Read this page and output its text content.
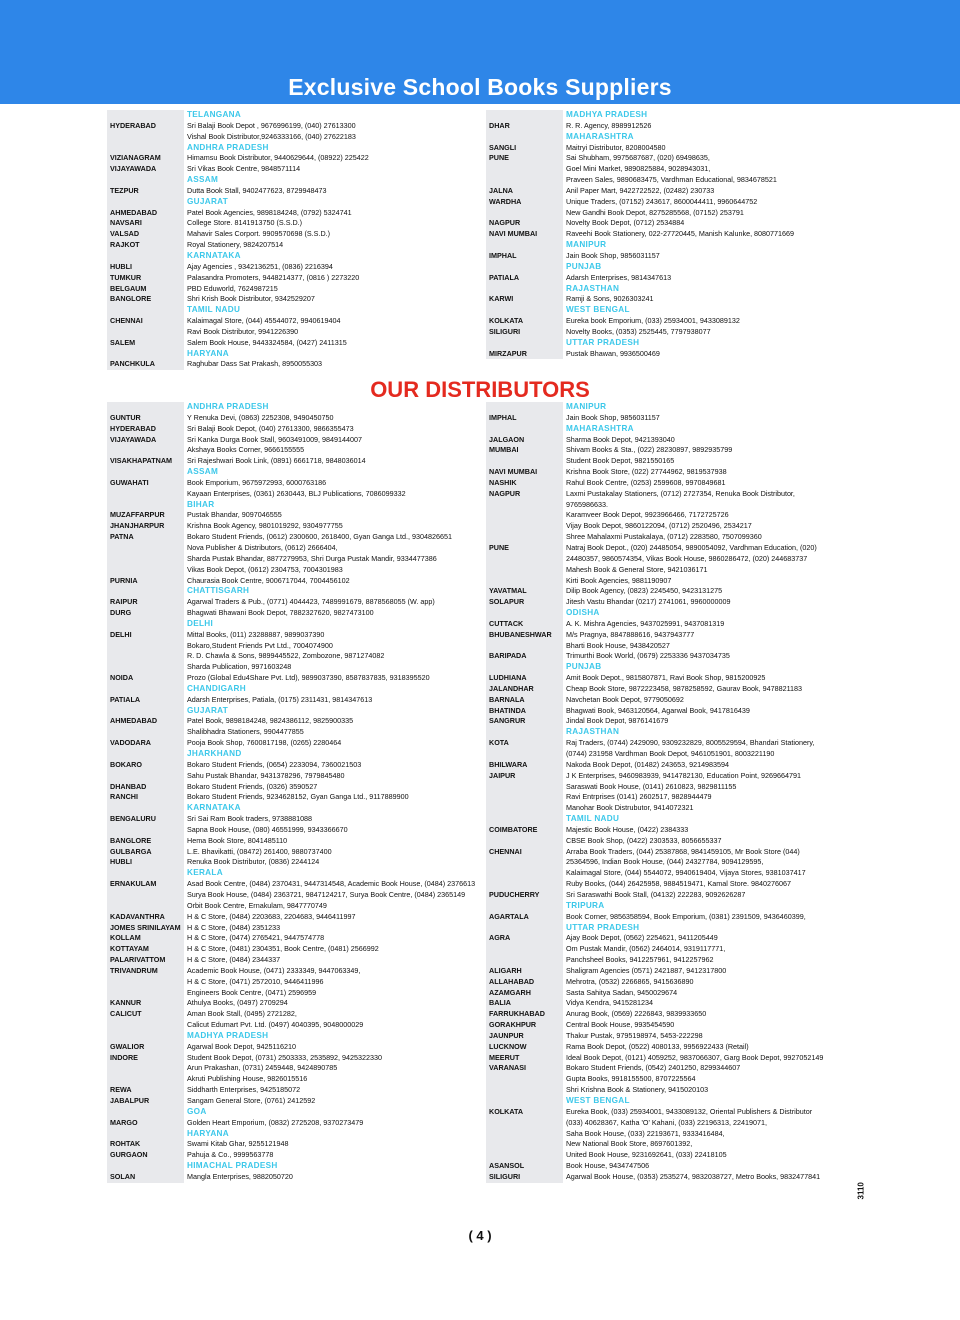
Exclusive School Books Suppliers
TELANGANA
HYDERABAD	Sri Balaji Book Depot , 9676996199, (040) 27613300
Vishal Book Distributor,9246333166, (040) 27622183
ANDHRA PRADESH
VIZIANAGRAM	Himamsu Book Distributor, 9440629644, (08922) 225422
VIJAYAWADA	Sri Vikas Book Centre, 9848571114
ASSAM
TEZPUR	Dutta Book Stall, 9402477623, 8729948473
GUJARAT
AHMEDABAD	Patel Book Agencies, 9898184248, (0792) 5324741
NAVSARI	College Store. 8141913750 (S.S.D.)
VALSAD	Mahavir Sales Corport. 9909570698 (S.S.D.)
RAJKOT	Royal Stationery, 9824207514
KARNATAKA
HUBLI	Ajay Agencies , 9342136251, (0836) 2216394
TUMKUR	Palasandra Promoters, 9448214377, (0816 ) 2273220
BELGAUM	PBD Eduworld, 7624987215
BANGLORE	Shri Krish Book Distributor, 9342529207
TAMIL NADU
CHENNAI	Kalaimagal Store, (044) 45544072, 9940619404
Ravi Book Distributor, 9941226390
SALEM	Salem Book House, 9443324584, (0427) 2411315
HARYANA
PANCHKULA	Raghubar Dass Sat Prakash, 8950055303
MADHYA PRADESH
DHAR	R. R. Agency, 8989912526
MAHARASHTRA
SANGLI	Maitryi Distributor, 8208004580
PUNE	Sai Shubham, 9975687687, (020) 69498635,
Goel Mini Market, 9890825884, 9028943031,
Praveen Sales, 9890683475, Vardhman Educational, 9834678521
JALNA	Anil Paper Mart, 9422722522, (02482) 230733
WARDHA	Unique Traders, (07152) 243617, 8600044411, 9960644752
New Gandhi Book Depot, 8275285568, (07152) 253791
NAGPUR	Novelty Book Depot, (0712) 2534884
NAVI MUMBAI	Raveehi Book Stationery, 022-27720445, Manish Kalunke, 8080771669
MANIPUR
IMPHAL	Jain Book Shop, 9856031157
PUNJAB
PATIALA	Adarsh Enterprises, 9814347613
RAJASTHAN
KARWI	Ramji & Sons, 9026303241
WEST BENGAL
KOLKATA	Eureka book Emporium, (033) 25934001, 9433089132
SILIGURI	Novelty Books, (0353) 2525445, 7797938077
UTTAR PRADESH
MIRZAPUR	Pustak Bhawan, 9936500469
OUR DISTRIBUTORS
ANDHRA PRADESH
GUNTUR	Y Renuka Devi, (0863) 2252308, 9490450750
HYDERABAD	Sri Balaji Book Depot, (040) 27613300, 9866355473
VIJAYAWADA	Sri Kanka Durga Book Stall, 9603491009, 9849144007
Akshaya Books Corner, 9666155555
VISAKHAPATNAM	Sri Rajeshwari Book Link, (0891) 6661718, 9848036014
ASSAM
GUWAHATI	Book Emporium, 9675972993, 6000763186
Kayaan Enterprises, (0361) 2630443, BLJ Publications, 7086099332
BIHAR
MUZAFFARPUR	Pustak Bhandar, 9097046555
JHANJHARPUR	Krishna Book Agency, 9801019292, 9304977755
PATNA	Bokaro Student Friends, (0612) 2300600, 2618400, Gyan Ganga Ltd., 9304826651
Nova Publisher & Distributors, (0612) 2666404,
Sharda Pustak Bhandar, 8877279953, Shri Durga Pustak Mandir, 9334477386
Vikas Book Depot, (0612) 2304753, 7004301983
PURNIA	Chaurasia Book Centre, 9006717044, 7004456102
CHATTISGARH
RAIPUR	Agarwal Traders & Pub., (0771) 4044423, 7489991679, 8878568055 (W. app)
DURG	Bhagwati Bhawani Book Depot, 7882327620, 9827473100
DELHI
DELHI	Mittal Books, (011) 23288887, 9899037390
Bokaro,Student Friends Pvt Ltd., 7004074900
R. D. Chawla & Sons, 9899445522, Zombozone, 9871274082
Sharda Publication, 9971603248
NOIDA	Prozo (Global Edu4Share Pvt. Ltd), 9899037390, 8587837835, 9318395520
CHANDIGARH
PATIALA	Adarsh Enterprises, Patiala, (0175) 2311431, 9814347613
GUJARAT
AHMEDABAD	Patel Book, 9898184248, 9824386112, 9825900335
Shalibhadra Stationers, 9904477855
VADODARA	Pooja Book Shop, 7600817198, (0265) 2280464
JHARKHAND
BOKARO	Bokaro Student Friends, (0654) 2233094, 7360021503
Sahu Pustak Bhandar, 9431378296, 7979845480
DHANBAD	Bokaro Student Friends, (0326) 3590527
RANCHI	Bokaro Student Friends, 9234628152, Gyan Ganga Ltd., 9117889900
KARNATAKA
BENGALURU	Sri Sai Ram Book traders, 9738881088
Sapna Book House, (080) 46551999, 9343366670
BANGLORE	Hema Book Store, 8041485110
GULBARGA	L.E. Bhavikatti, (08472) 261400, 9880737400
HUBLI	Renuka Book Distributor, (0836) 2244124
KERALA
ERNAKULAM	Asad Book Centre, (0484) 2370431, 9447314548, Academic Book House, (0484) 2376613
Surya Book House, (0484) 2363721, 9847124217, Surya Book Centre, (0484) 2365149
Orbit Book Centre, Ernakulam, 9847770749
KADAVANTHRA	H & C Store, (0484) 2203683, 2204683, 9446411997
JOMES SRINILAYAM H & C Store, (0484) 2351233
KOLLAM	H & C Store, (0474) 2765421, 9447574778
KOTTAYAM	H & C Store, (0481) 2304351, Book Centre, (0481) 2566992
PALARIVATTOM	H & C Store, (0484) 2344337
TRIVANDRUM	Academic Book House, (0471) 2333349, 9447063349,
H & C Store, (0471) 2572010, 9446411996
Engineers Book Centre, (0471) 2596959
KANNUR	Athulya Books, (0497) 2709294
CALICUT	Aman Book Stall, (0495) 2721282,
Calicut Edumart Pvt. Ltd. (0497) 4040395, 9048000029
MADHYA PRADESH
GWALIOR	Agarwal Book Depot, 9425116210
INDORE	Student Book Depot, (0731) 2503333, 2535892, 9425322330
Arun Prakashan, (0731) 2459448, 9424890785
Akruti Publishing House, 9826015516
REWA	Siddharth Enterprises, 9425185072
JABALPUR	Sangam General Store, (0761) 2412592
GOA
MARGO	Golden Heart Emporium, (0832) 2725208, 9370273479
HARYANA
ROHTAK	Swami Kitab Ghar, 9255121948
GURGAON	Pahuja & Co., 9999563778
HIMACHAL PRADESH
SOLAN	Mangla Enterprises, 9882050720
MANIPUR
IMPHAL	Jain Book Shop, 9856031157
MAHARASHTRA
JALGAON	Sharma Book Depot, 9421393040
MUMBAI	Shivam Books & Sta., (022) 28230897, 9892935799
Student Book Depot, 9821550165
NAVI MUMBAI	Krishna Book Store, (022) 27744962, 9819537938
NASHIK	Rahul Book Centre, (0253) 2599608, 9970849681
NAGPUR	Laxmi Pustakalay Stationers, (0712) 2727354, Renuka Book Distributor,
9765986633.
Karamveer Book Depot, 9923966466, 7172725726
Vijay Book Depot, 9860122094, (0712) 2520496, 2534217
Shree Mahalaxmi Pustakalaya, (0712) 2283580, 7507099360
PUNE	Natraj Book Depot., (020) 24485054, 9890054092, Vardhman Education, (020)
24480357, 9860574354, Vikas Book House, 9860286472, (020) 244683737
Mahesh Book & General Store, 9421036171
Kirti Book Agencies, 9881190907
YAVATMAL	Dilip Book Agency, (0823) 2245450, 9423131275
SOLAPUR	Jitesh Vastu Bhandar (0217) 2741061, 9960000009
ODISHA
CUTTACK	A. K. Mishra Agencies, 9437025991, 9437081319
BHUBANESHWAR	M/s Pragnya, 8847888616, 9437943777
Bharti Book House, 9438420527
BARIPADA	Trimurthi Book World, (0679) 2253336 9437034735
PUNJAB
LUDHIANA	Amit Book Depot., 9815807871, Ravi Book Shop, 9815200925
JALANDHAR	Cheap Book Store, 9872223458, 9878258592, Gaurav Book, 9478821183
BARNALA	Navchetan Book Depot, 9779050692
BHATINDA	Bhagwati Book, 9463120564, Agarwal Book, 9417816439
SANGRUR	Jindal Book Depot, 9876141679
RAJASTHAN
KOTA	Raj Traders, (0744) 2429090, 9309232829, 8005529594, Bhandari Stationery,
(0744) 231958 Vardhman Book Depot, 9461051901, 8003221190
BHILWARA	Nakoda Book Depot, (01482) 243653, 9214983594
JAIPUR	J K Enterprises, 9460983939, 9414782130, Education Point, 9269664791
Saraswati Book House, (0141) 2610823, 9829811155
Ravi Entrprises (0141) 2602517, 9828944479
Manohar Book Distrubutor, 9414072321
TAMIL NADU
COIMBATORE	Majestic Book House, (0422) 2384333
CBSE Book Shop, (0422) 2303533, 8056655337
CHENNAI	Arraba Book Traders, (044) 25387868, 9841459105, Mr Book Store (044)
25364596, Indian Book House, (044) 24327784, 9094129595,
Kalaimagal Store, (044) 5544072, 9940619404, Vijaya Stores, 9381037417
Ruby Books, (044) 26425958, 9884519471, Kamal Store. 9840276067
PUDUCHERRY	Sri Saraswathi Book Stall, (04132) 222283, 9092626287
TRIPURA
AGARTALA	Book Corner, 9856358594, Book Emporium, (0381) 2391509, 9436460399,
UTTAR PRADESH
AGRA	Ajay Book Depot, (0562) 2254621, 9411205449
Om Pustak Mandir, (0562) 2464014, 9319117771,
Panchsheel Books, 9412257961, 9412257962
ALIGARH	Shaligram Agencies (0571) 2421887, 9412317800
ALLAHABAD	Mehrotra, (0532) 2266865, 9415636890
AZAMGARH	Sasta Sahitya Sadan, 9450029674
BALIA	Vidya Kendra, 9415281234
FARRUKHABAD	Anurag Book, (0569) 2226843, 9839933650
GORAKHPUR	Central Book House, 9935454590
JAUNPUR	Thakur Pustak, 9795198974, 5453-222298
LUCKNOW	Rama Book Depot, (0522) 4080133, 9956922433 (Retail)
MEERUT	Ideal Book Depot, (0121) 4059252, 9837066307, Garg Book Depot, 9927052149
VARANASI	Bokaro Student Friends, (0542) 2401250, 8299344607
Gupta Books, 9918155500, 8707225564
Shri Krishna Book & Stationery, 9415020103
WEST BENGAL
KOLKATA	Eureka Book, (033) 25934001, 9433089132, Oriental Publishers & Distributor
(033) 40628367, Katha 'O' Kahani, (033) 22196313, 22419071,
Saha Book House, (033) 22193671, 9333416484,
New National Book Store, 8697601392,
United Book House, 9231692641, (033) 22418105
ASANSOL	Book House, 9434747506
SILIGURI	Agarwal Book House, (0353) 2535274, 9832038727, Metro Books, 9832477841
3110
( 4 )
